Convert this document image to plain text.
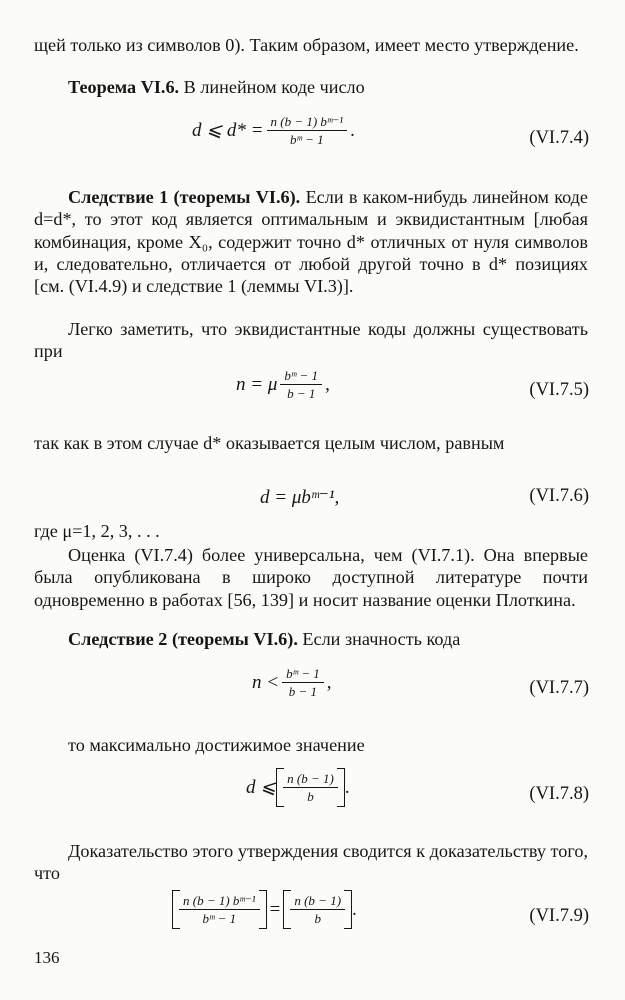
щей только из символов 0). Таким образом, имеет место утверждение.
Теорема VI.6. В линейном коде число
d ⩽ $d* = \frac{\text{n (b − 1) bᵐ⁻¹}}{\text{bᵐ − 1}}$ .	(VI.7.4)
Следствие 1 (теоремы VI.6). Если в каком-нибудь линейном коде d=d*, то этот код является оптимальным и эквидистантным [любая комбинация, кроме X₀, содержит точно d* отличных от нуля символов и, следовательно, отличается от любой другой точно в d* позициях [см. (VI.4.9) и следствие 1 (леммы VI.3)].
Легко заметить, что эквидистантные коды должны существовать при
n = μ $\frac{\text{bᵐ − 1}}{b - 1}$ ,	(VI.7.5)
так как в этом случае d* оказывается целым числом, равным
d = μbᵐ⁻¹,	(VI.7.6)
где μ=1, 2, 3, . . .
Оценка (VI.7.4) более универсальна, чем (VI.7.1). Она впервые была опубликована в широко доступной литературе почти одновременно в работах [56, 139] и носит название оценки Плоткина.
Следствие 2 (теоремы VI.6). Если значность кода
$n < \frac{\text{bᵐ − 1}}{b - 1}$ ,	(VI.7.7)
то максимально достижимое значение
d ⩽ $\frac{n (b - 1)}{b}$ .	(VI.7.8)
Доказательство этого утверждения сводится к доказательству того, что
$\frac{\text{n (b − 1) bᵐ⁻¹}}{\text{bᵐ − 1}} = \frac{n (b - 1)}{b}$ .	(VI.7.9)
136
